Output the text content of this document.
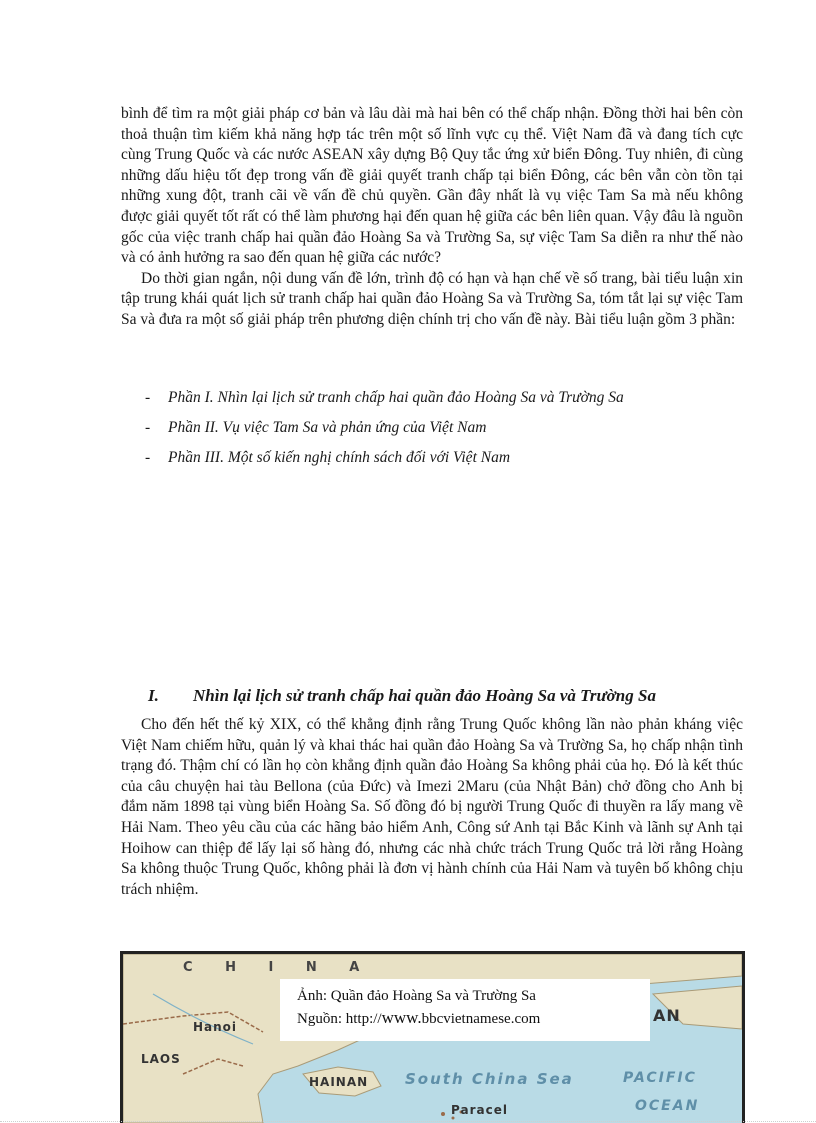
bình để tìm ra một giải pháp cơ bản và lâu dài mà hai bên có thể chấp nhận. Đồng thời hai bên còn thoả thuận tìm kiếm khả năng hợp tác trên một số lĩnh vực cụ thể. Việt Nam đã và đang tích cực cùng Trung Quốc và các nước ASEAN xây dựng Bộ Quy tắc ứng xử biển Đông. Tuy nhiên, đi cùng những dấu hiệu tốt đẹp trong vấn đề giải quyết tranh chấp tại biển Đông, các bên vẫn còn tồn tại những xung đột, tranh cãi về vấn đề chủ quyền. Gần đây nhất là vụ việc Tam Sa mà nếu không được giải quyết tốt rất có thể làm phương hại đến quan hệ giữa các bên liên quan. Vậy đâu là nguồn gốc của việc tranh chấp hai quần đảo Hoàng Sa và Trường Sa, sự việc Tam Sa diễn ra như thế nào và có ảnh hưởng ra sao đến quan hệ giữa các nước?

Do thời gian ngắn, nội dung vấn đề lớn, trình độ có hạn và hạn chế về số trang, bài tiểu luận xin tập trung khái quát lịch sử tranh chấp hai quần đảo Hoàng Sa và Trường Sa, tóm tắt lại sự việc Tam Sa và đưa ra một số giải pháp trên phương diện chính trị cho vấn đề này. Bài tiểu luận gồm 3 phần:

-	Phần I. Nhìn lại lịch sử tranh chấp hai quần đảo Hoàng Sa và Trường Sa
-	Phần II. Vụ việc Tam Sa và phản ứng của Việt Nam
-	Phần III. Một số kiến nghị chính sách đối với Việt Nam
I.	Nhìn lại lịch sử tranh chấp hai quần đảo Hoàng Sa và Trường Sa

Cho đến hết thế kỷ XIX, có thể khẳng định rằng Trung Quốc không lần nào phản kháng việc Việt Nam chiếm hữu, quản lý và khai thác hai quần đảo Hoàng Sa và Trường Sa, họ chấp nhận tình trạng đó. Thậm chí có lần họ còn khẳng định quần đảo Hoàng Sa không phải của họ. Đó là kết thúc của câu chuyện hai tàu Bellona (của Đức) và Imezi 2Maru (của Nhật Bản) chở đồng cho Anh bị đắm năm 1898 tại vùng biển Hoàng Sa. Số đồng đó bị người Trung Quốc đi thuyền ra lấy mang về Hải Nam. Theo yêu cầu của các hãng bảo hiểm Anh, Công sứ Anh tại Bắc Kinh và lãnh sự Anh tại Hoihow can thiệp để lấy lại số hàng đó, nhưng các nhà chức trách Trung Quốc trả lời rằng Hoàng Sa không thuộc Trung Quốc, không phải là đơn vị hành chính của Hải Nam và tuyên bố không chịu trách nhiệm.

C H I N A
Hanoi
LAOS
HAINAN South China Sea
Paracel
PACIFIC
OCEAN
AN
Ảnh: Quần đảo Hoàng Sa và Trường Sa
Nguồn: http://www.bbcvietnamese.com
